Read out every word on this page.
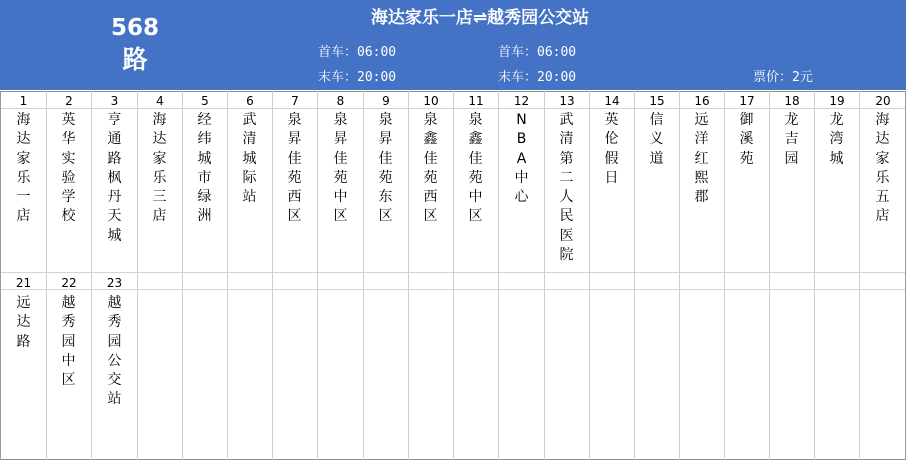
568
路
海达家乐一店⇌越秀园公交站
首车：06:00
末车：20:00
首车：06:00
末车：20:00	票价：2元
1
海达家乐一店
2
英华实验学校
3
亨通路枫丹天城
4
海达家乐三店
5
经纬城市绿洲
6
武清城际站
7
泉昇佳苑西区
8
泉昇佳苑中区
9
泉昇佳苑东区
10
泉鑫佳苑西区
11
泉鑫佳苑中区
12
NBA中心
13
武清第二人民医院
14
英伦假日
15
信义道
16
远洋红熙郡
17
御溪苑
18
龙吉园
19
龙湾城
20
海达家乐五店
21
远达路
22
越秀园中区
23
越秀园公交站
